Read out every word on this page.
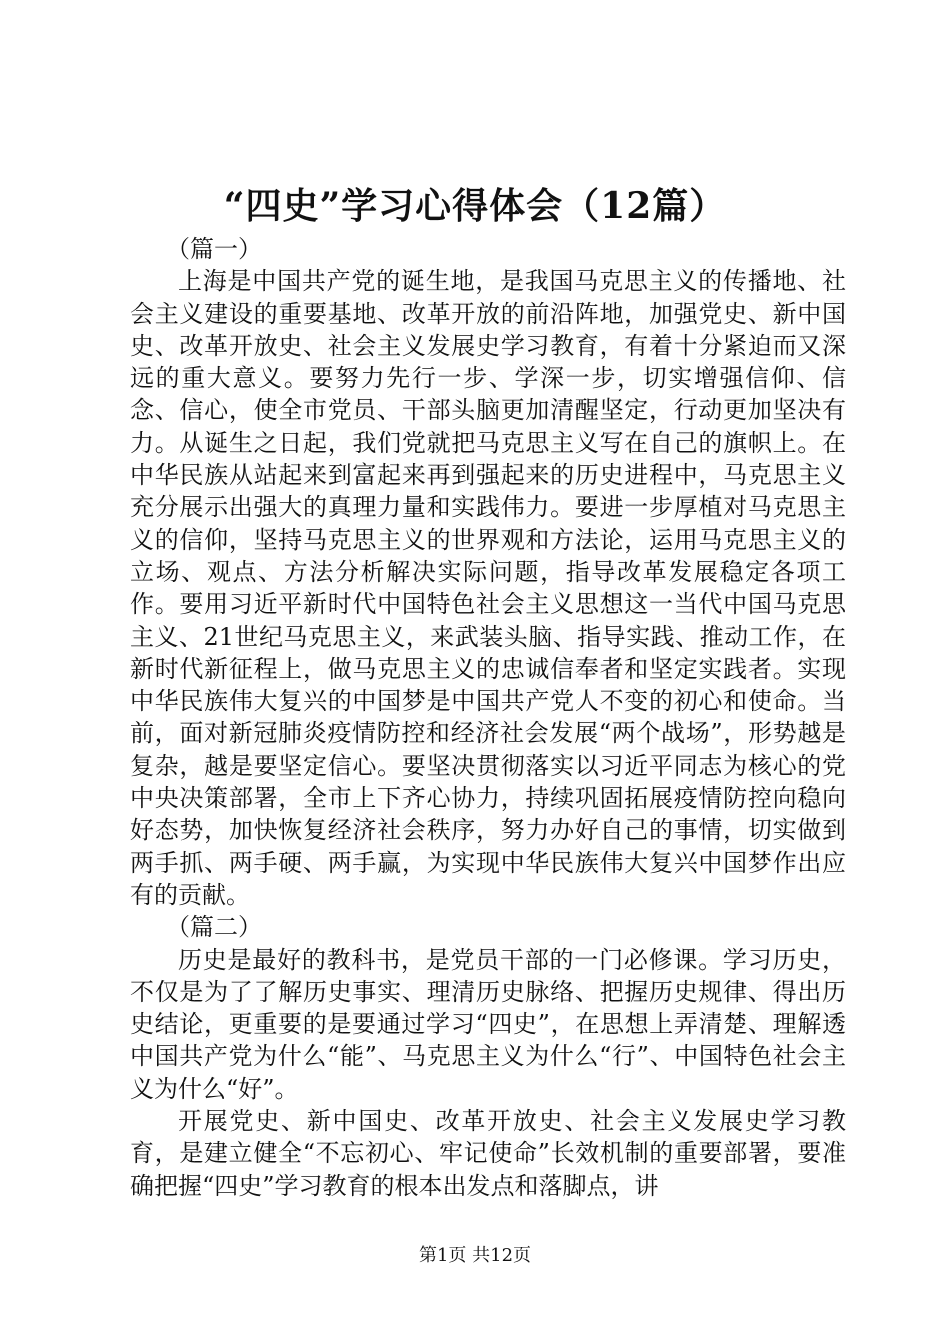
“四史”学习心得体会（12篇）

（篇一）

上海是中国共产党的诞生地，是我国马克思主义的传播地、社会主义建设的重要基地、改革开放的前沿阵地，加强党史、新中国史、改革开放史、社会主义发展史学习教育，有着十分紧迫而又深远的重大意义。要努力先行一步、学深一步，切实增强信仰、信念、信心，使全市党员、干部头脑更加清醒坚定，行动更加坚决有力。从诞生之日起，我们党就把马克思主义写在自己的旗帜上。在中华民族从站起来到富起来再到强起来的历史进程中，马克思主义充分展示出强大的真理力量和实践伟力。要进一步厚植对马克思主义的信仰，坚持马克思主义的世界观和方法论，运用马克思主义的立场、观点、方法分析解决实际问题，指导改革发展稳定各项工作。要用习近平新时代中国特色社会主义思想这一当代中国马克思主义、21世纪马克思主义，来武装头脑、指导实践、推动工作，在新时代新征程上，做马克思主义的忠诚信奉者和坚定实践者。实现中华民族伟大复兴的中国梦是中国共产党人不变的初心和使命。当前，面对新冠肺炎疫情防控和经济社会发展“两个战场”，形势越是复杂，越是要坚定信心。要坚决贯彻落实以习近平同志为核心的党中央决策部署，全市上下齐心协力，持续巩固拓展疫情防控向稳向好态势，加快恢复经济社会秩序，努力办好自己的事情，切实做到两手抓、两手硬、两手赢，为实现中华民族伟大复兴中国梦作出应有的贡献。

（篇二）

历史是最好的教科书，是党员干部的一门必修课。学习历史，不仅是为了了解历史事实、理清历史脉络、把握历史规律、得出历史结论，更重要的是要通过学习“四史”，在思想上弄清楚、理解透中国共产党为什么“能”、马克思主义为什么“行”、中国特色社会主义为什么“好”。

开展党史、新中国史、改革开放史、社会主义发展史学习教育，是建立健全“不忘初心、牢记使命”长效机制的重要部署，要准确把握“四史”学习教育的根本出发点和落脚点，讲

第1页 共12页
